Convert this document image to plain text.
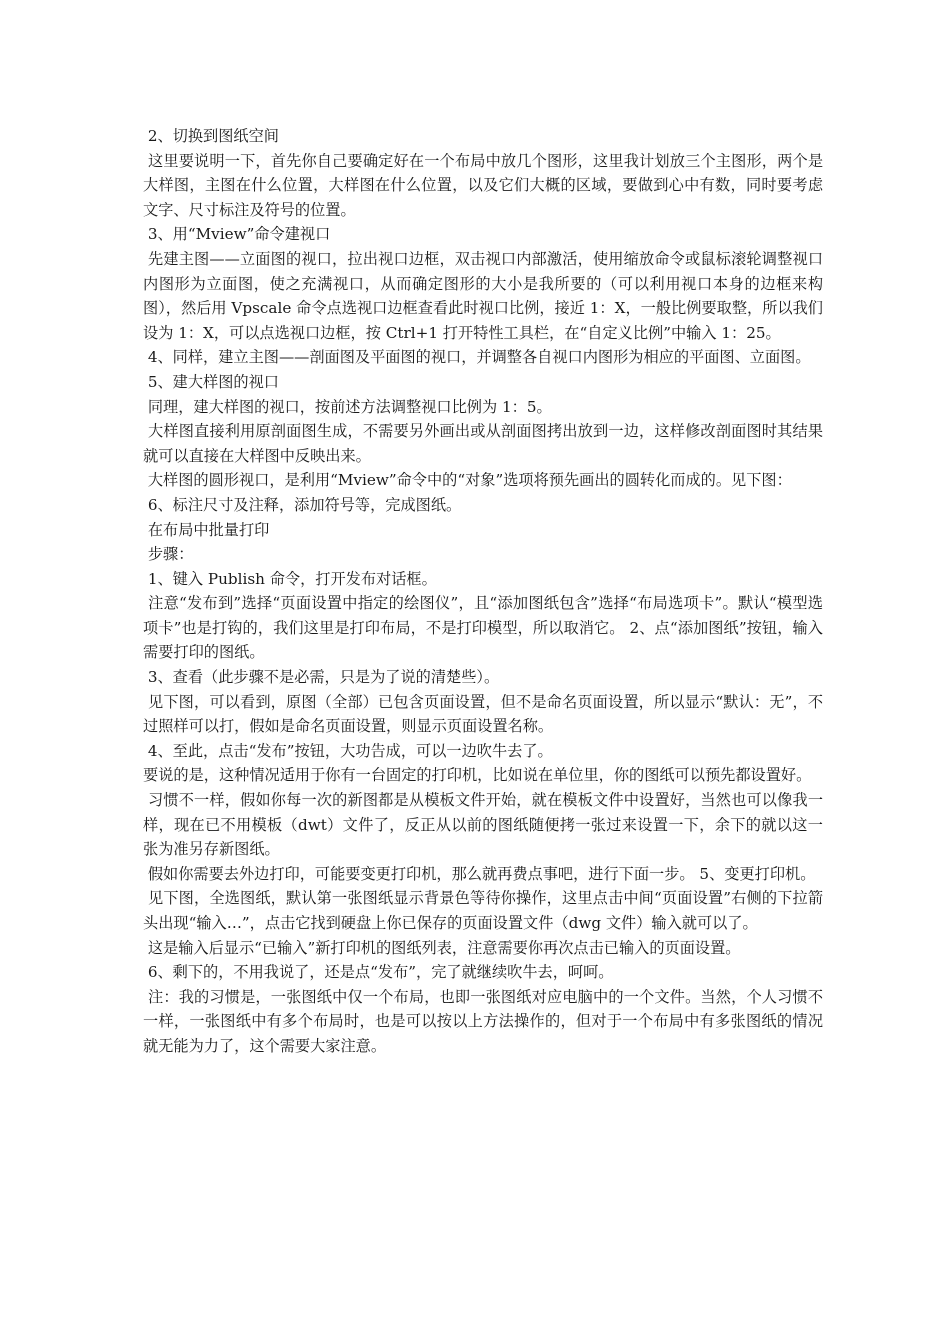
2、切换到图纸空间

这里要说明一下，首先你自己要确定好在一个布局中放几个图形，这里我计划放三个主图形，两个是大样图，主图在什么位置，大样图在什么位置，以及它们大概的区域，要做到心中有数，同时要考虑文字、尺寸标注及符号的位置。

3、用“Mview”命令建视口

先建主图——立面图的视口，拉出视口边框，双击视口内部激活，使用缩放命令或鼠标滚轮调整视口内图形为立面图，使之充满视口，从而确定图形的大小是我所要的（可以利用视口本身的边框来构图），然后用 Vpscale 命令点选视口边框查看此时视口比例，接近 1：X，一般比例要取整，所以我们设为 1：X，可以点选视口边框，按 Ctrl+1 打开特性工具栏，在“自定义比例”中输入 1：25。

4、同样，建立主图——剖面图及平面图的视口，并调整各自视口内图形为相应的平面图、立面图。

5、建大样图的视口

同理，建大样图的视口，按前述方法调整视口比例为 1：5。

大样图直接利用原剖面图生成，不需要另外画出或从剖面图拷出放到一边，这样修改剖面图时其结果就可以直接在大样图中反映出来。

大样图的圆形视口，是利用“Mview”命令中的“对象”选项将预先画出的圆转化而成的。见下图：

6、标注尺寸及注释，添加符号等，完成图纸。

在布局中批量打印

步骤：

1、键入 Publish 命令，打开发布对话框。

注意“发布到”选择“页面设置中指定的绘图仪”，且“添加图纸包含”选择“布局选项卡”。默认“模型选项卡”也是打钩的，我们这里是打印布局，不是打印模型，所以取消它。 2、点“添加图纸”按钮，输入需要打印的图纸。

3、查看（此步骤不是必需，只是为了说的清楚些）。

见下图，可以看到，原图（全部）已包含页面设置，但不是命名页面设置，所以显示“默认：无”，不过照样可以打，假如是命名页面设置，则显示页面设置名称。

4、至此，点击“发布”按钮，大功告成，可以一边吹牛去了。

要说的是，这种情况适用于你有一台固定的打印机，比如说在单位里，你的图纸可以预先都设置好。

习惯不一样，假如你每一次的新图都是从模板文件开始，就在模板文件中设置好，当然也可以像我一样，现在已不用模板（dwt）文件了，反正从以前的图纸随便拷一张过来设置一下，余下的就以这一张为准另存新图纸。

假如你需要去外边打印，可能要变更打印机，那么就再费点事吧，进行下面一步。 5、变更打印机。

见下图，全选图纸，默认第一张图纸显示背景色等待你操作，这里点击中间“页面设置”右侧的下拉箭头出现“输入…”，点击它找到硬盘上你已保存的页面设置文件（dwg 文件）输入就可以了。

这是输入后显示“已输入”新打印机的图纸列表，注意需要你再次点击已输入的页面设置。

6、剩下的，不用我说了，还是点“发布”，完了就继续吹牛去，呵呵。

注：我的习惯是，一张图纸中仅一个布局，也即一张图纸对应电脑中的一个文件。当然，个人习惯不一样，一张图纸中有多个布局时，也是可以按以上方法操作的，但对于一个布局中有多张图纸的情况就无能为力了，这个需要大家注意。
